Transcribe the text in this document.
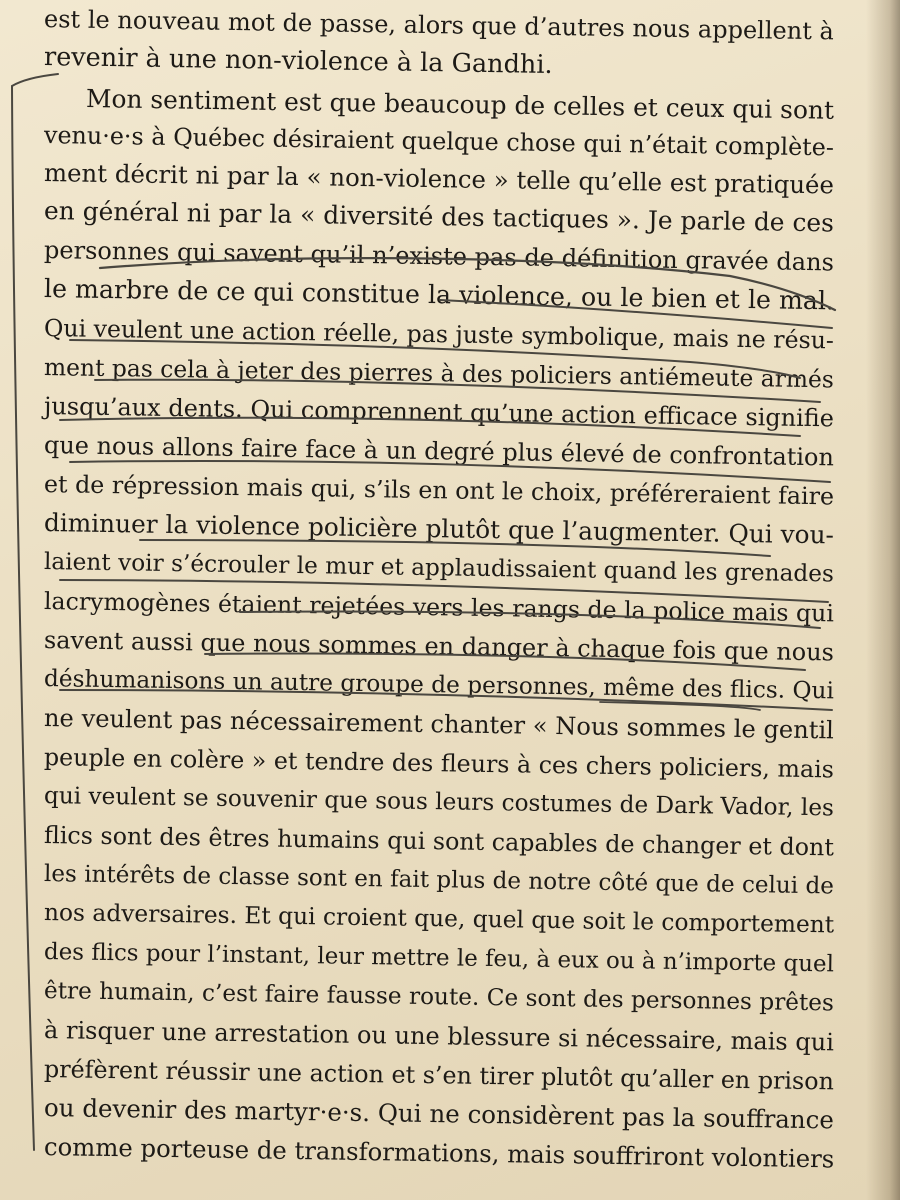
est le nouveau mot de passe, alors que d’autres nous appellent à
revenir à une non-violence à la Gandhi.
Mon sentiment est que beaucoup de celles et ceux qui sont
venu·e·s à Québec désiraient quelque chose qui n’était complète-
ment décrit ni par la « non-violence » telle qu’elle est pratiquée
en général ni par la « diversité des tactiques ». Je parle de ces
personnes qui savent qu’il n’existe pas de définition gravée dans
le marbre de ce qui constitue la violence, ou le bien et le mal.
Qui veulent une action réelle, pas juste symbolique, mais ne résu-
ment pas cela à jeter des pierres à des policiers antiémeute armés
jusqu’aux dents. Qui comprennent qu’une action efficace signifie
que nous allons faire face à un degré plus élevé de confrontation
et de répression mais qui, s’ils en ont le choix, préféreraient faire
diminuer la violence policière plutôt que l’augmenter. Qui vou-
laient voir s’écrouler le mur et applaudissaient quand les grenades
lacrymogènes étaient rejetées vers les rangs de la police mais qui
savent aussi que nous sommes en danger à chaque fois que nous
déshumanisons un autre groupe de personnes, même des flics. Qui
ne veulent pas nécessairement chanter « Nous sommes le gentil
peuple en colère » et tendre des fleurs à ces chers policiers, mais
qui veulent se souvenir que sous leurs costumes de Dark Vador, les
flics sont des êtres humains qui sont capables de changer et dont
les intérêts de classe sont en fait plus de notre côté que de celui de
nos adversaires. Et qui croient que, quel que soit le comportement
des flics pour l’instant, leur mettre le feu, à eux ou à n’importe quel
être humain, c’est faire fausse route. Ce sont des personnes prêtes
à risquer une arrestation ou une blessure si nécessaire, mais qui
préfèrent réussir une action et s’en tirer plutôt qu’aller en prison
ou devenir des martyr·e·s. Qui ne considèrent pas la souffrance
comme porteuse de transformations, mais souffriront volontiers
